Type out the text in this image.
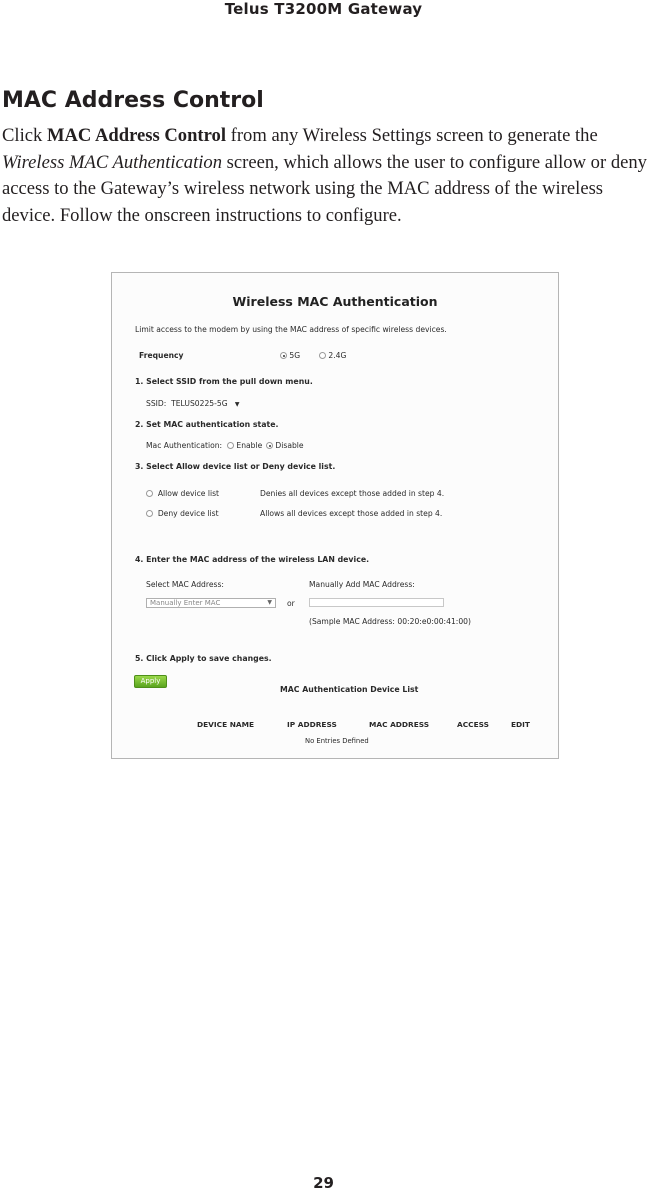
Telus T3200M Gateway
MAC Address Control

Click MAC Address Control from any Wireless Settings screen to generate the Wireless MAC Authentication screen, which allows the user to configure allow or deny access to the Gateway’s wireless network using the MAC address of the wireless device. Follow the onscreen instructions to configure.

Wireless MAC Authentication
Limit access to the modem by using the MAC address of specific wireless devices.
Frequency	5G	2.4G
1. Select SSID from the pull down menu.
SSID: TELUS0225-5G ▼
2. Set MAC authentication state.
Mac Authentication:	Enable	Disable
3. Select Allow device list or Deny device list.
Allow device list	Denies all devices except those added in step 4.
Deny device list	Allows all devices except those added in step 4.
4. Enter the MAC address of the wireless LAN device.
Select MAC Address:	Manually Add MAC Address:
Manually Enter MAC	▼ or
(Sample MAC Address: 00:20:e0:00:41:00)
5. Click Apply to save changes.
Apply
MAC Authentication Device List
DEVICE NAME	IP ADDRESS	MAC ADDRESS	ACCESS	EDIT
No Entries Defined
29
